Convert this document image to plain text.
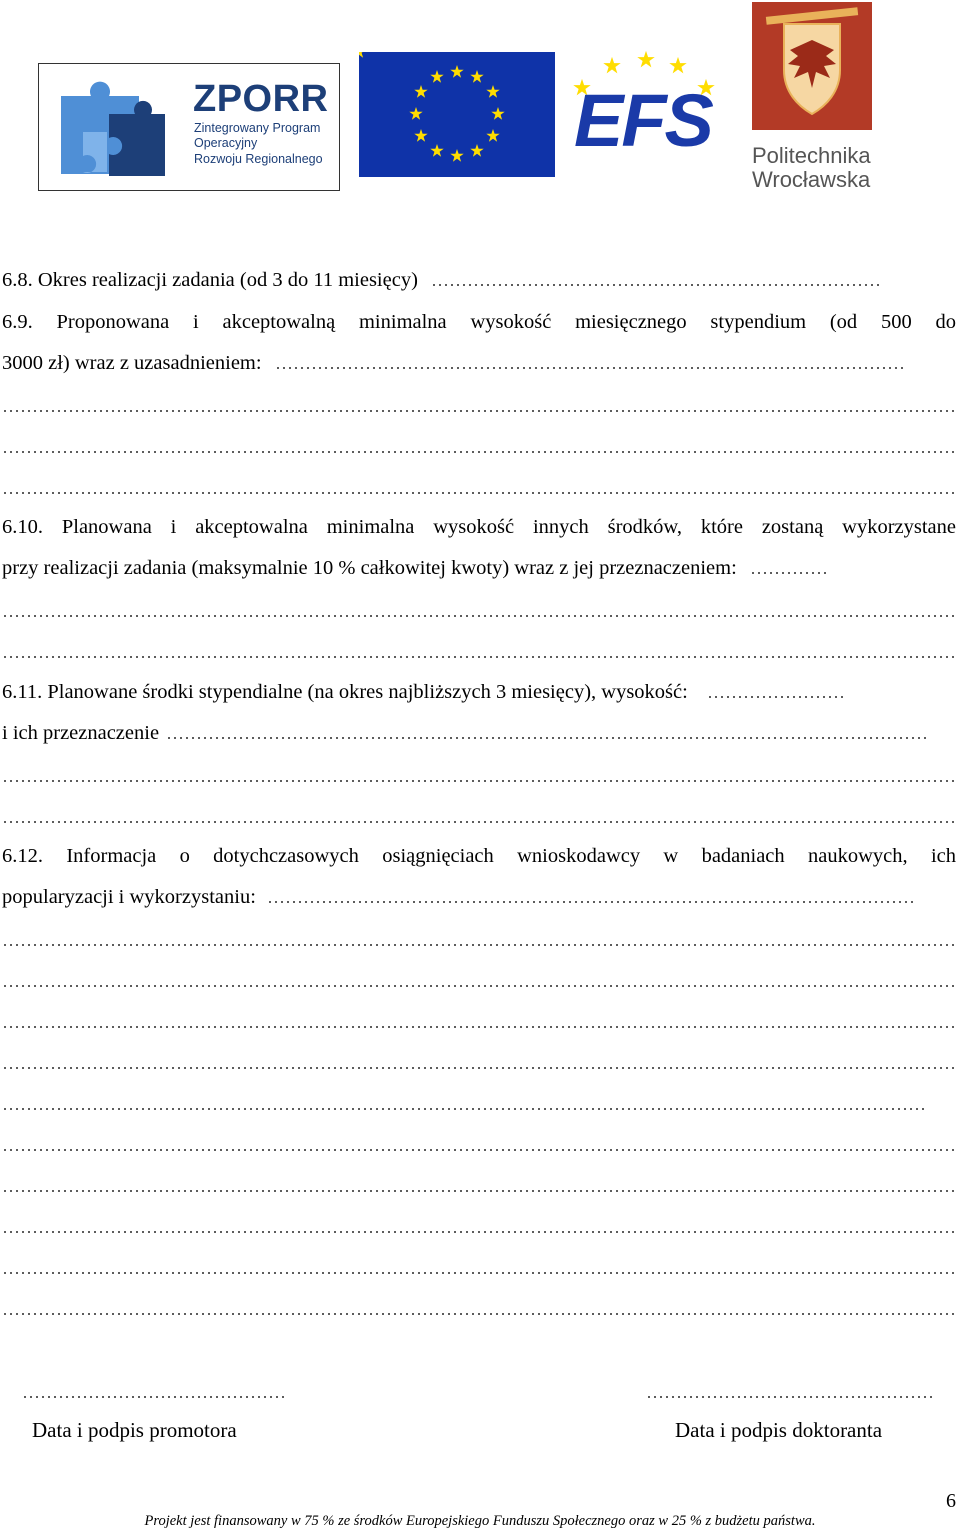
ZPORR
Zintegrowany Program
Operacyjny
Rozwoju Regionalnego	EFS Politechnika
Wrocławska
6.8. Okres realizacji zadania (od 3 do 11 miesięcy)
6.9. Proponowana i akceptowalną minimalna wysokość miesięcznego stypendium (od 500 do
3000 zł) wraz z uzasadnieniem:
6.10. Planowana i akceptowalna minimalna wysokość innych środków, które zostaną wykorzystane
przy realizacji zadania (maksymalnie 10 % całkowitej kwoty) wraz z jej przeznaczeniem:
6.11. Planowane środki stypendialne (na okres najbliższych 3 miesięcy), wysokość:
i ich przeznaczenie
6.12. Informacja o dotychczasowych osiągnięciach wnioskodawcy w badaniach naukowych, ich
popularyzacji i wykorzystaniu:
Data i podpis promotora	Data i podpis doktoranta
6
Projekt jest finansowany w 75 % ze środków Europejskiego Funduszu Społecznego oraz w 25 % z budżetu państwa.
